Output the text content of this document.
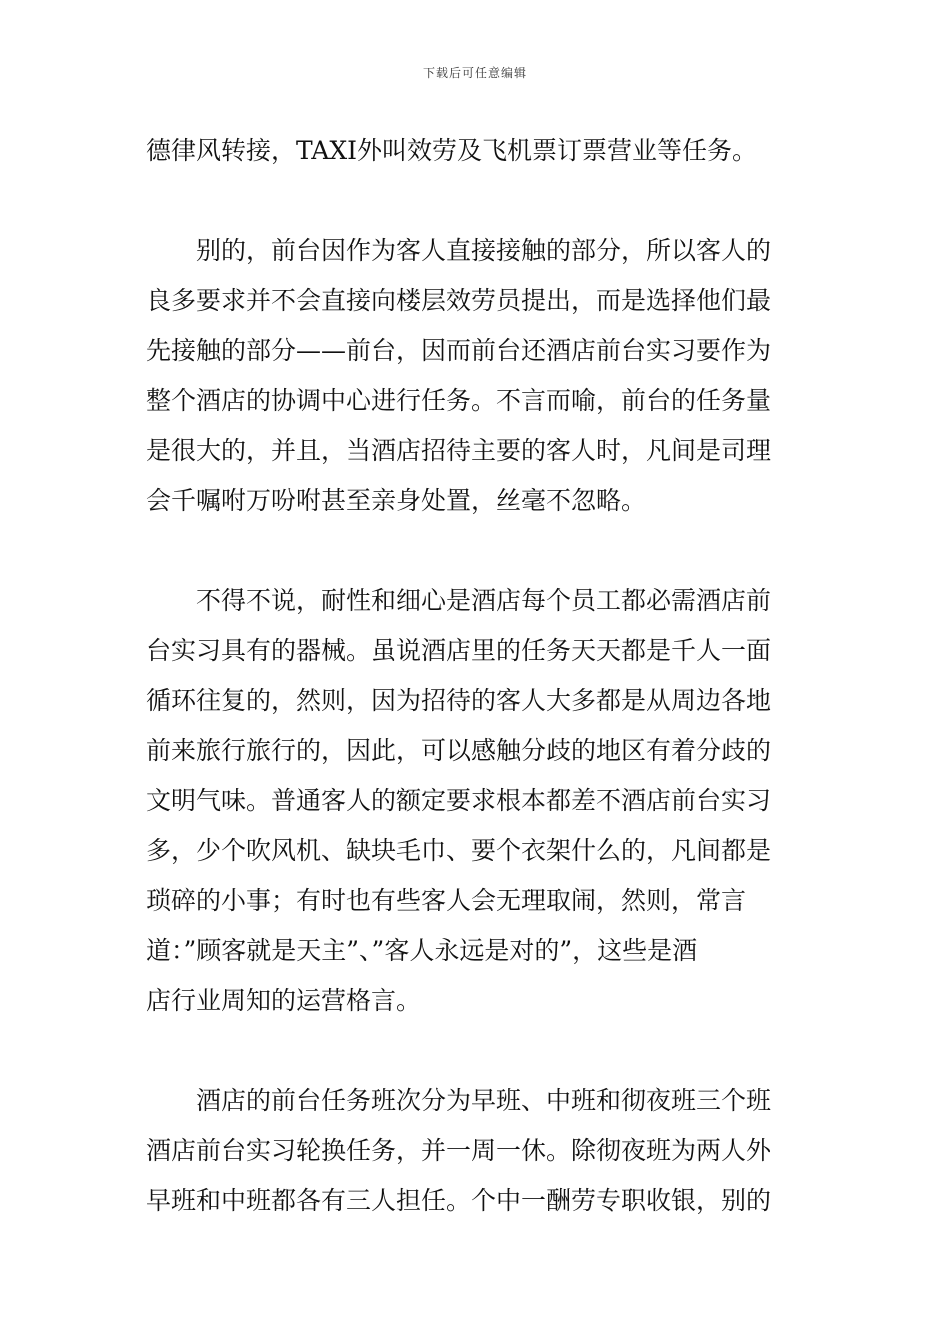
下载后可任意编辑
德律风转接，TAXI外叫效劳及飞机票订票营业等任务。
别的，前台因作为客人直接接触的部分，所以客人的
良多要求并不会直接向楼层效劳员提出，而是选择他们最
先接触的部分——前台，因而前台还酒店前台实习要作为
整个酒店的协调中心进行任务。不言而喻，前台的任务量
是很大的，并且，当酒店招待主要的客人时，凡间是司理
会千嘱咐万吩咐甚至亲身处置，丝毫不忽略。
不得不说，耐性和细心是酒店每个员工都必需酒店前
台实习具有的器械。虽说酒店里的任务天天都是千人一面
循环往复的，然则，因为招待的客人大多都是从周边各地
前来旅行旅行的，因此，可以感触分歧的地区有着分歧的
文明气味。普通客人的额定要求根本都差不酒店前台实习
多，少个吹风机、缺块毛巾、要个衣架什么的，凡间都是
琐碎的小事；有时也有些客人会无理取闹，然则，常言
道：”顾客就是天主”、”客人永远是对的”，这些是酒
店行业周知的运营格言。
酒店的前台任务班次分为早班、中班和彻夜班三个班
酒店前台实习轮换任务，并一周一休。除彻夜班为两人外
早班和中班都各有三人担任。个中一酬劳专职收银，别的
